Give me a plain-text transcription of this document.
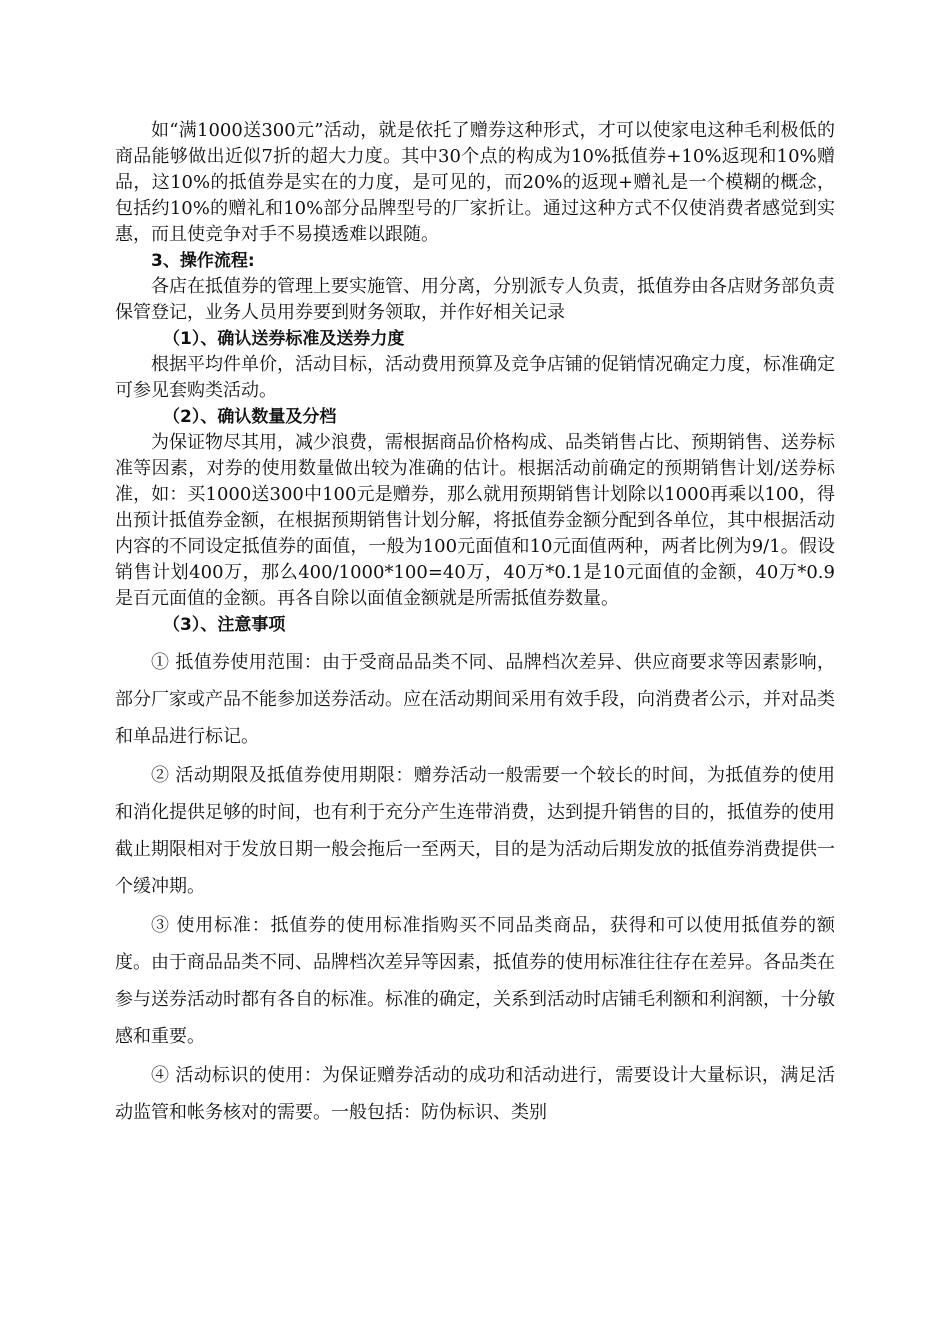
如“满1000送300元”活动，就是依托了赠券这种形式，才可以使家电这种毛利极低的商品能够做出近似7折的超大力度。其中30个点的构成为10%抵值券+10%返现和10%赠品，这10%的抵值券是实在的力度，是可见的，而20%的返现+赠礼是一个模糊的概念，包括约10%的赠礼和10%部分品牌型号的厂家折让。通过这种方式不仅使消费者感觉到实惠，而且使竞争对手不易摸透难以跟随。

3、操作流程:

各店在抵值券的管理上要实施管、用分离，分别派专人负责，抵值券由各店财务部负责保管登记，业务人员用券要到财务领取，并作好相关记录

（1）、确认送券标准及送券力度

根据平均件单价，活动目标，活动费用预算及竞争店铺的促销情况确定力度，标准确定可参见套购类活动。

（2）、确认数量及分档

为保证物尽其用，减少浪费，需根据商品价格构成、品类销售占比、预期销售、送券标准等因素，对券的使用数量做出较为准确的估计。根据活动前确定的预期销售计划/送券标准，如：买1000送300中100元是赠券，那么就用预期销售计划除以1000再乘以100，得出预计抵值券金额，在根据预期销售计划分解，将抵值券金额分配到各单位，其中根据活动内容的不同设定抵值券的面值，一般为100元面值和10元面值两种，两者比例为9/1。假设销售计划400万，那么400/1000*100=40万，40万*0.1是10元面值的金额，40万*0.9是百元面值的金额。再各自除以面值金额就是所需抵值券数量。

（3）、注意事项

① 抵值券使用范围：由于受商品品类不同、品牌档次差异、供应商要求等因素影响，部分厂家或产品不能参加送券活动。应在活动期间采用有效手段，向消费者公示，并对品类和单品进行标记。

② 活动期限及抵值券使用期限：赠券活动一般需要一个较长的时间，为抵值券的使用和消化提供足够的时间，也有利于充分产生连带消费，达到提升销售的目的，抵值券的使用截止期限相对于发放日期一般会拖后一至两天，目的是为活动后期发放的抵值券消费提供一个缓冲期。

③ 使用标准：抵值券的使用标准指购买不同品类商品，获得和可以使用抵值券的额度。由于商品品类不同、品牌档次差异等因素，抵值券的使用标准往往存在差异。各品类在参与送券活动时都有各自的标准。标准的确定，关系到活动时店铺毛利额和利润额，十分敏感和重要。

④ 活动标识的使用：为保证赠券活动的成功和活动进行，需要设计大量标识，满足活动监管和帐务核对的需要。一般包括：防伪标识、类别
